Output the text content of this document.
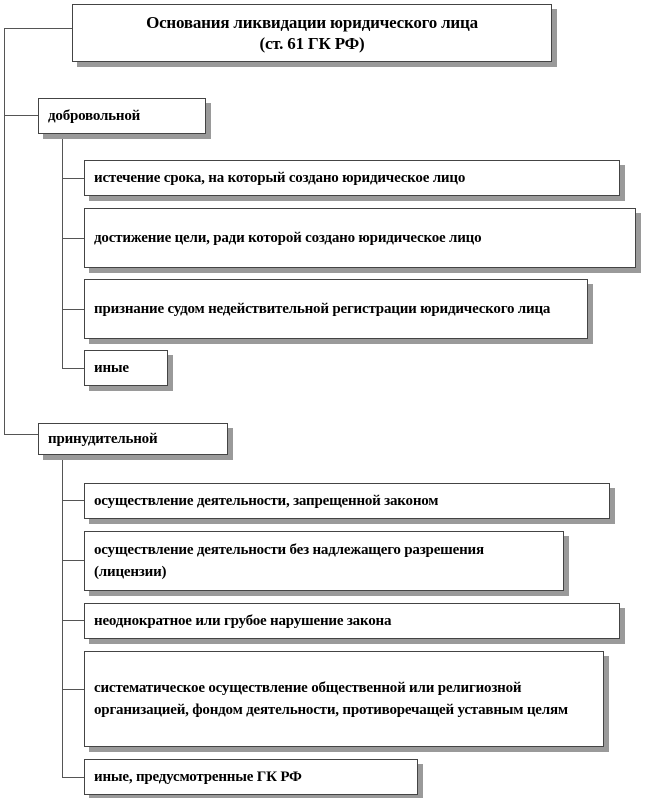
Основания ликвидации юридического лица
(ст. 61 ГК РФ)
добровольной
истечение срока, на который создано юридическое лицо
достижение цели, ради которой создано юридическое лицо
признание судом недействительной регистрации юридического лица
иные
принудительной
осуществление деятельности, запрещенной законом
осуществление деятельности без надлежащего разрешения (лицензии)
неоднократное или грубое нарушение закона
систематическое осуществление общественной или религиозной организацией, фондом деятельности, противоречащей уставным целям
иные, предусмотренные ГК РФ
